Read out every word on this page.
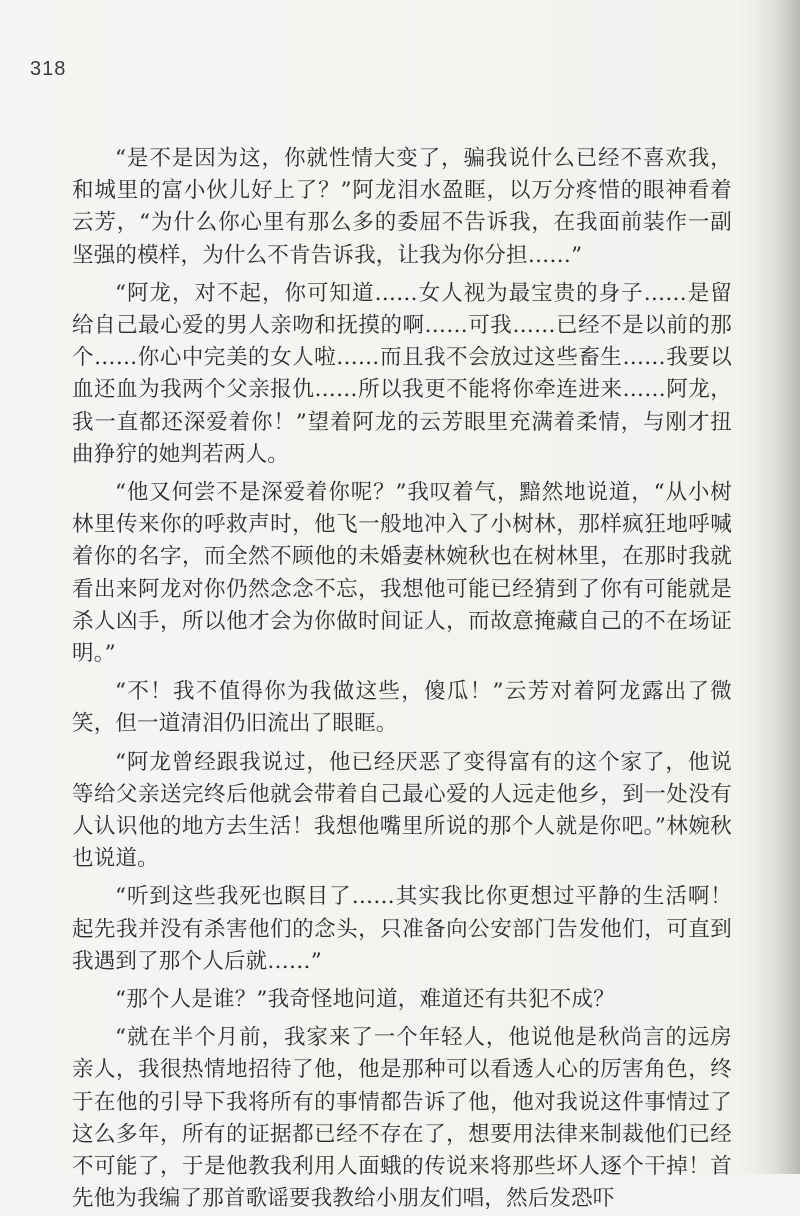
318

“是不是因为这，你就性情大变了，骗我说什么已经不喜欢我，和城里的富小伙儿好上了？”阿龙泪水盈眶，以万分疼惜的眼神看着云芳，“为什么你心里有那么多的委屈不告诉我，在我面前装作一副坚强的模样，为什么不肯告诉我，让我为你分担……”

“阿龙，对不起，你可知道……女人视为最宝贵的身子……是留给自己最心爱的男人亲吻和抚摸的啊……可我……已经不是以前的那个……你心中完美的女人啦……而且我不会放过这些畜生……我要以血还血为我两个父亲报仇……所以我更不能将你牵连进来……阿龙，我一直都还深爱着你！”望着阿龙的云芳眼里充满着柔情，与刚才扭曲狰狞的她判若两人。

“他又何尝不是深爱着你呢？”我叹着气，黯然地说道，“从小树林里传来你的呼救声时，他飞一般地冲入了小树林，那样疯狂地呼喊着你的名字，而全然不顾他的未婚妻林婉秋也在树林里，在那时我就看出来阿龙对你仍然念念不忘，我想他可能已经猜到了你有可能就是杀人凶手，所以他才会为你做时间证人，而故意掩藏自己的不在场证明。”

“不！我不值得你为我做这些，傻瓜！”云芳对着阿龙露出了微笑，但一道清泪仍旧流出了眼眶。

“阿龙曾经跟我说过，他已经厌恶了变得富有的这个家了，他说等给父亲送完终后他就会带着自己最心爱的人远走他乡，到一处没有人认识他的地方去生活！我想他嘴里所说的那个人就是你吧。”林婉秋也说道。

“听到这些我死也瞑目了……其实我比你更想过平静的生活啊！起先我并没有杀害他们的念头，只准备向公安部门告发他们，可直到我遇到了那个人后就……”

“那个人是谁？”我奇怪地问道，难道还有共犯不成？

“就在半个月前，我家来了一个年轻人，他说他是秋尚言的远房亲人，我很热情地招待了他，他是那种可以看透人心的厉害角色，终于在他的引导下我将所有的事情都告诉了他，他对我说这件事情过了这么多年，所有的证据都已经不存在了，想要用法律来制裁他们已经不可能了，于是他教我利用人面蛾的传说来将那些坏人逐个干掉！首先他为我编了那首歌谣要我教给小朋友们唱，然后发恐吓
